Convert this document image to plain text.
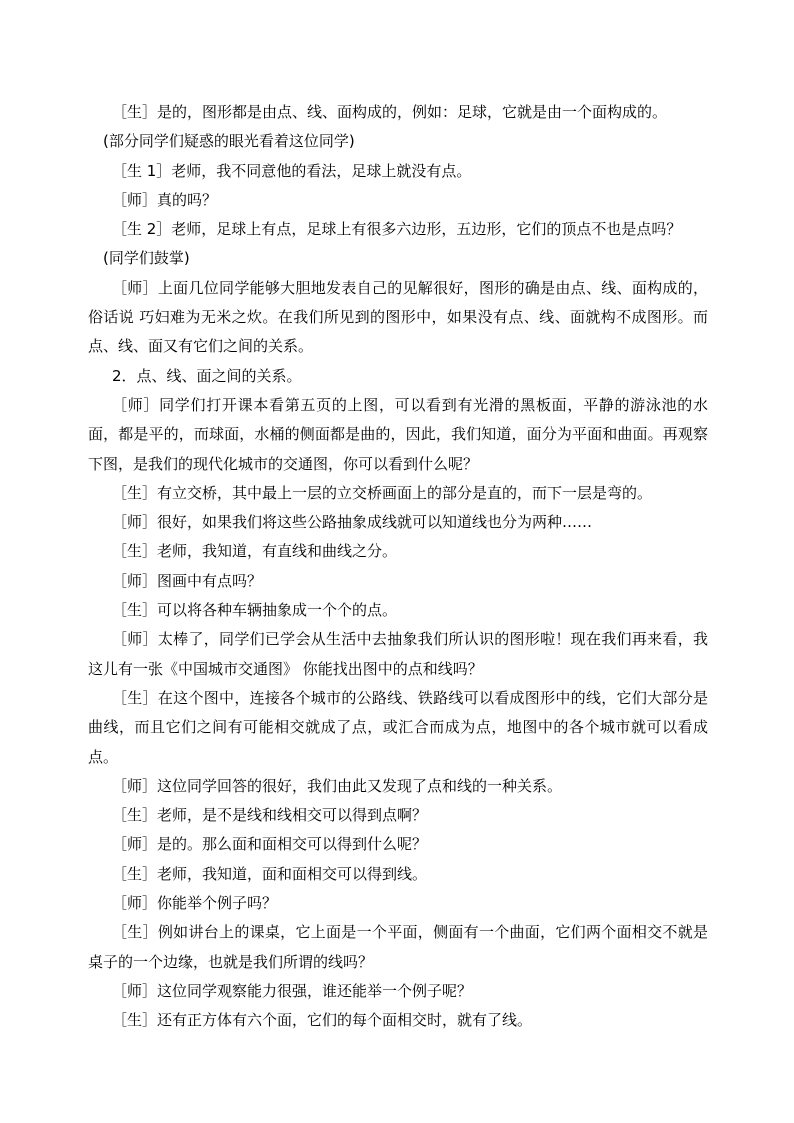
［生］是的，图形都是由点、线、面构成的，例如：足球，它就是由一个面构成的。

(部分同学们疑惑的眼光看着这位同学)

［生 1］老师，我不同意他的看法，足球上就没有点。

［师］真的吗？

［生 2］老师，足球上有点，足球上有很多六边形，五边形，它们的顶点不也是点吗？

(同学们鼓掌)

［师］上面几位同学能够大胆地发表自己的见解很好，图形的确是由点、线、面构成的，俗话说 巧妇难为无米之炊。在我们所见到的图形中，如果没有点、线、面就构不成图形。而点、线、面又有它们之间的关系。

2．点、线、面之间的关系。

［师］同学们打开课本看第五页的上图，可以看到有光滑的黑板面，平静的游泳池的水面，都是平的，而球面，水桶的侧面都是曲的，因此，我们知道，面分为平面和曲面。再观察下图，是我们的现代化城市的交通图，你可以看到什么呢？

［生］有立交桥，其中最上一层的立交桥画面上的部分是直的，而下一层是弯的。

［师］很好，如果我们将这些公路抽象成线就可以知道线也分为两种……

［生］老师，我知道，有直线和曲线之分。

［师］图画中有点吗？

［生］可以将各种车辆抽象成一个个的点。

［师］太棒了，同学们已学会从生活中去抽象我们所认识的图形啦！现在我们再来看，我这儿有一张《中国城市交通图》 你能找出图中的点和线吗？

［生］在这个图中，连接各个城市的公路线、铁路线可以看成图形中的线，它们大部分是曲线，而且它们之间有可能相交就成了点，或汇合而成为点，地图中的各个城市就可以看成点。

［师］这位同学回答的很好，我们由此又发现了点和线的一种关系。

［生］老师，是不是线和线相交可以得到点啊？

［师］是的。那么面和面相交可以得到什么呢？

［生］老师，我知道，面和面相交可以得到线。

［师］你能举个例子吗？

［生］例如讲台上的课桌，它上面是一个平面，侧面有一个曲面，它们两个面相交不就是桌子的一个边缘，也就是我们所谓的线吗？

［师］这位同学观察能力很强，谁还能举一个例子呢？

［生］还有正方体有六个面，它们的每个面相交时，就有了线。
